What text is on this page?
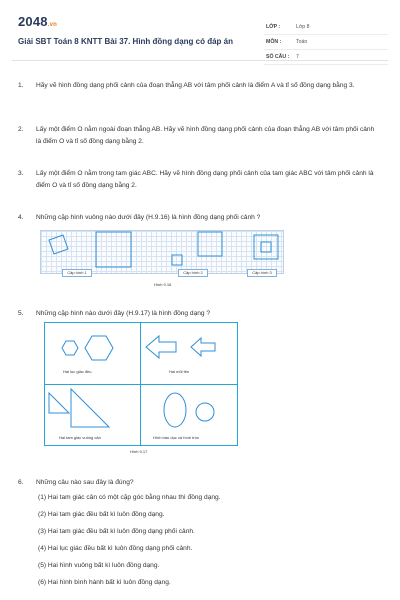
2048.vn
Giải SBT Toán 8 KNTT Bài 37. Hình đồng dạng có đáp án
LỚP :	Lớp 8
MÔN :	Toán
SỐ CÂU : 7
1. Hãy vẽ hình đồng dạng phối cảnh của đoạn thẳng AB với tâm phối cảnh là điểm A và tỉ số đồng dạng bằng 3.
2. Lấy một điểm O nằm ngoài đoạn thẳng AB. Hãy vẽ hình đồng dạng phối cảnh của đoạn thẳng AB với tâm phối cảnh là điểm O và tỉ số đồng dạng bằng 2.
3. Lấy một điểm O nằm trong tam giác ABC. Hãy vẽ hình đồng dạng phối cảnh của tam giác ABC với tâm phối cảnh là điểm O và tỉ số đồng dạng bằng 2.
4. Những cặp hình vuông nào dưới đây (H.9.16) là hình đồng dạng phối cảnh ?
Cặp hình 1	Cặp hình 2	Cặp hình 3
Hình 9.16
5. Những cặp hình nào dưới đây (H.9.17) là hình đồng dạng ?
Hai lục giác đều	Hai mũi tên
Hai tam giác vuông cân	Hình bầu dục và hình tròn
Hình 9.17
6. Những câu nào sau đây là đúng?
(1) Hai tam giác cân có một cặp góc bằng nhau thì đồng dạng.
(2) Hai tam giác đều bất kì luôn đồng dạng.
(3) Hai tam giác đều bất kì luôn đồng dạng phối cảnh.
(4) Hai lục giác đều bất kì luôn đồng dạng phối cảnh.
(5) Hai hình vuông bất kì luôn đồng dạng.
(6) Hai hình bình hành bất kì luôn đồng dạng.
